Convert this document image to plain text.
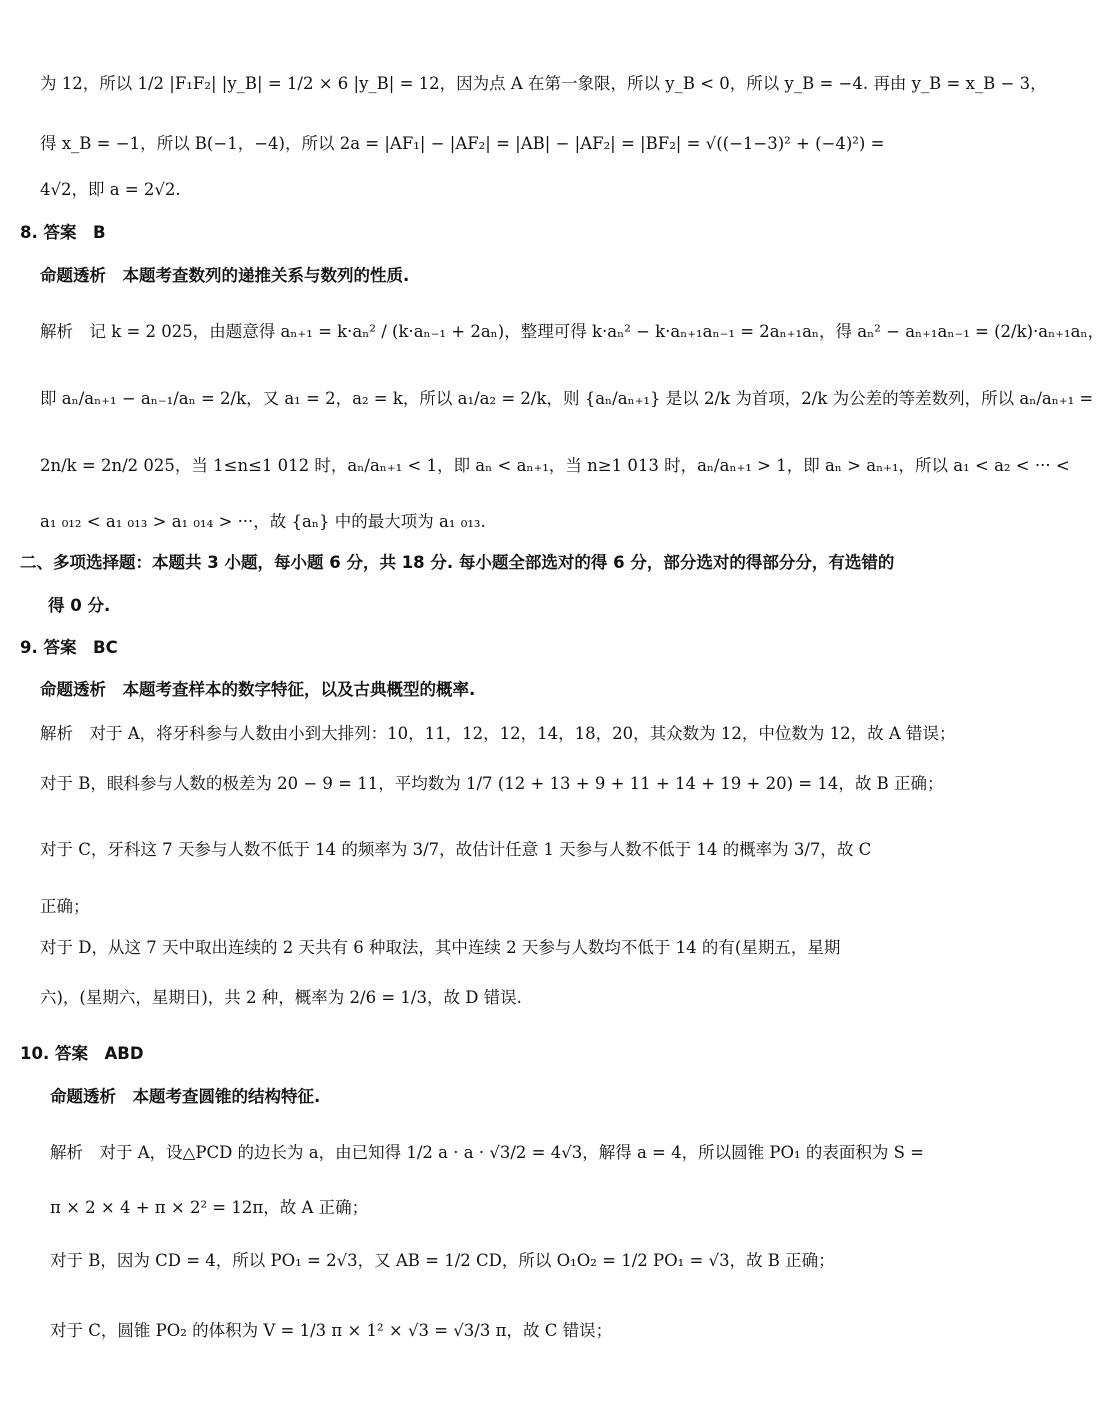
为 12，所以 1/2 |F₁F₂| |y_B| = 1/2 × 6 |y_B| = 12，因为点 A 在第一象限，所以 y_B < 0，所以 y_B = −4. 再由 y_B = x_B − 3，
得 x_B = −1，所以 B(−1，−4)，所以 2a = |AF₁| − |AF₂| = |AB| − |AF₂| = |BF₂| = √((−1−3)² + (−4)²) =
4√2，即 a = 2√2.
8. 答案　B
命题透析　本题考查数列的递推关系与数列的性质.
解析　记 k = 2 025，由题意得 aₙ₊₁ = k·aₙ² / (k·aₙ₋₁ + 2aₙ)，整理可得 k·aₙ² − k·aₙ₊₁aₙ₋₁ = 2aₙ₊₁aₙ，得 aₙ² − aₙ₊₁aₙ₋₁ = (2/k)·aₙ₊₁aₙ，
即 aₙ/aₙ₊₁ − aₙ₋₁/aₙ = 2/k，又 a₁ = 2，a₂ = k，所以 a₁/a₂ = 2/k，则 {aₙ/aₙ₊₁} 是以 2/k 为首项，2/k 为公差的等差数列，所以 aₙ/aₙ₊₁ =
2n/k = 2n/2 025，当 1≤n≤1 012 时，aₙ/aₙ₊₁ < 1，即 aₙ < aₙ₊₁，当 n≥1 013 时，aₙ/aₙ₊₁ > 1，即 aₙ > aₙ₊₁，所以 a₁ < a₂ < ··· <
a₁ ₀₁₂ < a₁ ₀₁₃ > a₁ ₀₁₄ > ···，故 {aₙ} 中的最大项为 a₁ ₀₁₃.
二、多项选择题：本题共 3 小题，每小题 6 分，共 18 分. 每小题全部选对的得 6 分，部分选对的得部分分，有选错的
得 0 分.
9. 答案　BC
命题透析　本题考查样本的数字特征，以及古典概型的概率.
解析　对于 A，将牙科参与人数由小到大排列：10，11，12，12，14，18，20，其众数为 12，中位数为 12，故 A 错误；
对于 B，眼科参与人数的极差为 20 − 9 = 11，平均数为 1/7 (12 + 13 + 9 + 11 + 14 + 19 + 20) = 14，故 B 正确；
对于 C，牙科这 7 天参与人数不低于 14 的频率为 3/7，故估计任意 1 天参与人数不低于 14 的概率为 3/7，故 C
正确；
对于 D，从这 7 天中取出连续的 2 天共有 6 种取法，其中连续 2 天参与人数均不低于 14 的有(星期五，星期
六)，(星期六，星期日)，共 2 种，概率为 2/6 = 1/3，故 D 错误.
10. 答案　ABD
命题透析　本题考查圆锥的结构特征.
解析　对于 A，设△PCD 的边长为 a，由已知得 1/2 a · a · √3/2 = 4√3，解得 a = 4，所以圆锥 PO₁ 的表面积为 S =
π × 2 × 4 + π × 2² = 12π，故 A 正确；
对于 B，因为 CD = 4，所以 PO₁ = 2√3，又 AB = 1/2 CD，所以 O₁O₂ = 1/2 PO₁ = √3，故 B 正确；
对于 C，圆锥 PO₂ 的体积为 V = 1/3 π × 1² × √3 = √3/3 π，故 C 错误；
